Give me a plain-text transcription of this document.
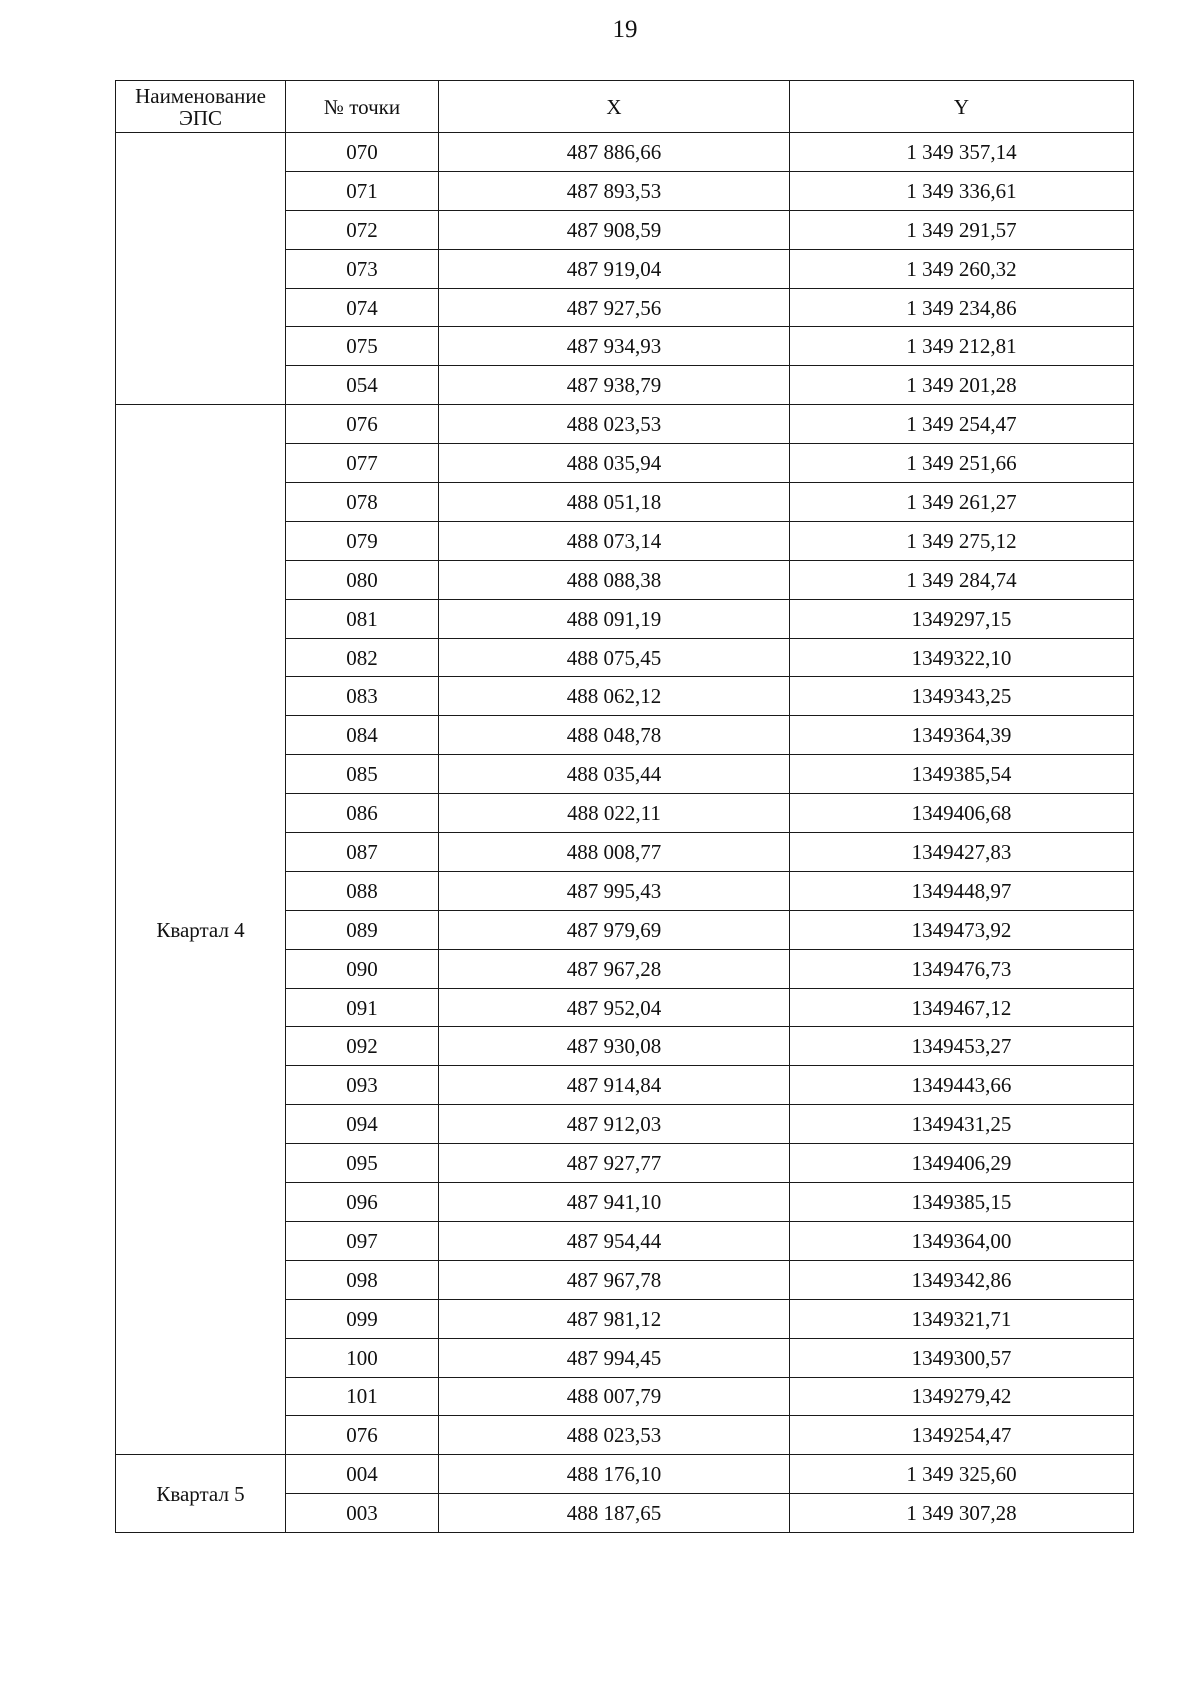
19
Наименование
ЭПС	№ точки	X	Y
	070	487 886,66	1 349 357,14
	071	487 893,53	1 349 336,61
	072	487 908,59	1 349 291,57
	073	487 919,04	1 349 260,32
	074	487 927,56	1 349 234,86
	075	487 934,93	1 349 212,81
	054	487 938,79	1 349 201,28
Квартал 4	076	488 023,53	1 349 254,47
	077	488 035,94	1 349 251,66
	078	488 051,18	1 349 261,27
	079	488 073,14	1 349 275,12
	080	488 088,38	1 349 284,74
	081	488 091,19	1349297,15
	082	488 075,45	1349322,10
	083	488 062,12	1349343,25
	084	488 048,78	1349364,39
	085	488 035,44	1349385,54
	086	488 022,11	1349406,68
	087	488 008,77	1349427,83
	088	487 995,43	1349448,97
	089	487 979,69	1349473,92
	090	487 967,28	1349476,73
	091	487 952,04	1349467,12
	092	487 930,08	1349453,27
	093	487 914,84	1349443,66
	094	487 912,03	1349431,25
	095	487 927,77	1349406,29
	096	487 941,10	1349385,15
	097	487 954,44	1349364,00
	098	487 967,78	1349342,86
	099	487 981,12	1349321,71
	100	487 994,45	1349300,57
	101	488 007,79	1349279,42
	076	488 023,53	1349254,47
Квартал 5	004	488 176,10	1 349 325,60
	003	488 187,65	1 349 307,28
